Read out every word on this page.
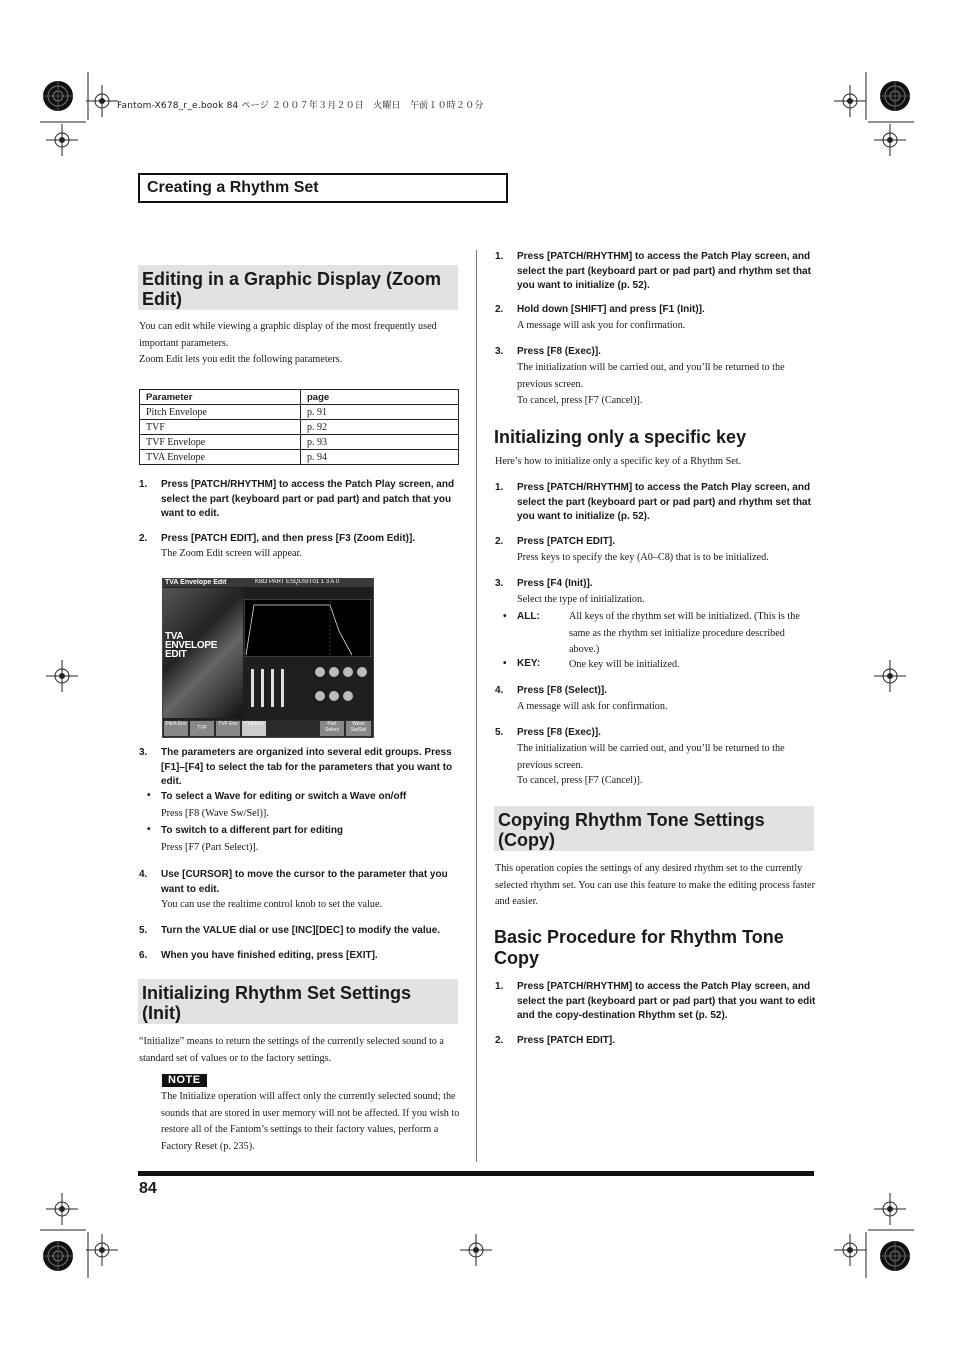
Fantom-X678_r_e.book 84 ページ ２００７年３月２０日　火曜日　午前１０時２０分
Creating a Rhythm Set
Editing in a Graphic Display (Zoom Edit)
You can edit while viewing a graphic display of the most frequently used important parameters.
Zoom Edit lets you edit the following parameters.
Parameter	page
Pitch Envelope	p. 91
TVF	p. 92
TVF Envelope	p. 93
TVA Envelope	p. 94
1. Press [PATCH/RHYTHM] to access the Patch Play screen, and select the part (keyboard part or pad part) and patch that you want to edit.
2. Press [PATCH EDIT], and then press [F3 (Zoom Edit)].
The Zoom Edit screen will appear.
TVA Envelope Edit	KBD PART ESQUSIT01 1 3 A 0
TVA
ENVELOPE
EDIT
Pitch Env
TVF
TVF Env	TVA Env	Part Select
Wave Sw/Sel
3. The parameters are organized into several edit groups. Press [F1]–[F4] to select the tab for the parameters that you want to edit.
• To select a Wave for editing or switch a Wave on/off
Press [F8 (Wave Sw/Sel)].
• To switch to a different part for editing
Press [F7 (Part Select)].
4. Use [CURSOR] to move the cursor to the parameter that you want to edit.
You can use the realtime control knob to set the value.
5. Turn the VALUE dial or use [INC][DEC] to modify the value.
6. When you have finished editing, press [EXIT].
Initializing Rhythm Set Settings (Init)
“Initialize” means to return the settings of the currently selected sound to a standard set of values or to the factory settings.
NOTE
The Initialize operation will affect only the currently selected sound; the sounds that are stored in user memory will not be affected. If you wish to restore all of the Fantom’s settings to their factory values, perform a Factory Reset (p. 235).
1. Press [PATCH/RHYTHM] to access the Patch Play screen, and select the part (keyboard part or pad part) and rhythm set that you want to initialize (p. 52).
2. Hold down [SHIFT] and press [F1 (Init)].
A message will ask you for confirmation.
3. Press [F8 (Exec)].
The initialization will be carried out, and you’ll be returned to the previous screen.
To cancel, press [F7 (Cancel)].
Initializing only a specific key
Here’s how to initialize only a specific key of a Rhythm Set.
1. Press [PATCH/RHYTHM] to access the Patch Play screen, and select the part (keyboard part or pad part) and rhythm set that you want to initialize (p. 52).
2. Press [PATCH EDIT].
Press keys to specify the key (A0–C8) that is to be initialized.
3. Press [F4 (Init)].
Select the type of initialization.
• ALL:	All keys of the rhythm set will be initialized. (This is the same as the rhythm set initialize procedure described above.)
• KEY:	One key will be initialized.
4. Press [F8 (Select)].
A message will ask for confirmation.
5. Press [F8 (Exec)].
The initialization will be carried out, and you’ll be returned to the previous screen.
To cancel, press [F7 (Cancel)].
Copying Rhythm Tone Settings (Copy)
This operation copies the settings of any desired rhythm set to the currently selected rhythm set. You can use this feature to make the editing process faster and easier.
Basic Procedure for Rhythm Tone Copy
1. Press [PATCH/RHYTHM] to access the Patch Play screen, and select the part (keyboard part or pad part) that you want to edit and the copy-destination Rhythm set (p. 52).
2. Press [PATCH EDIT].
84
